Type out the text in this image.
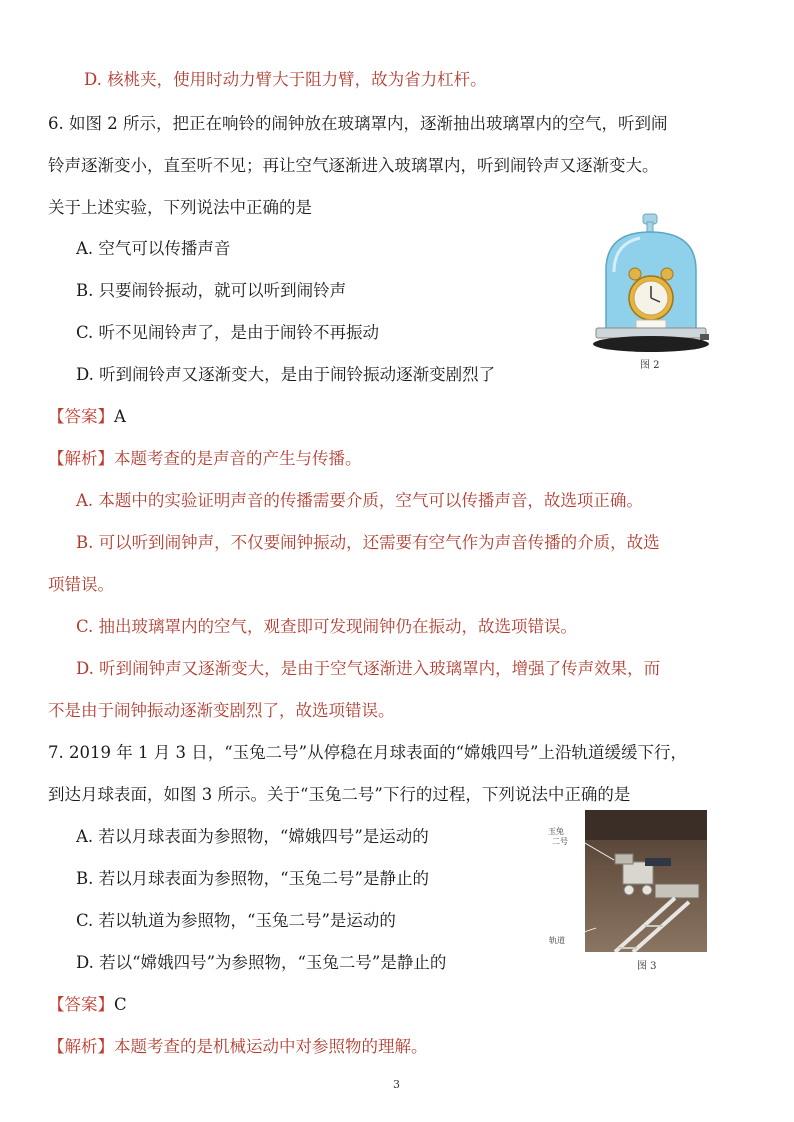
D. 核桃夹，使用时动力臂大于阻力臂，故为省力杠杆。
6. 如图 2 所示，把正在响铃的闹钟放在玻璃罩内，逐渐抽出玻璃罩内的空气，听到闹
铃声逐渐变小，直至听不见；再让空气逐渐进入玻璃罩内，听到闹铃声又逐渐变大。
关于上述实验，下列说法中正确的是
A. 空气可以传播声音
B. 只要闹铃振动，就可以听到闹铃声
C. 听不见闹铃声了，是由于闹铃不再振动
D. 听到闹铃声又逐渐变大，是由于闹铃振动逐渐变剧烈了	图 2
【答案】A
【解析】本题考查的是声音的产生与传播。
A. 本题中的实验证明声音的传播需要介质，空气可以传播声音，故选项正确。
B. 可以听到闹钟声，不仅要闹钟振动，还需要有空气作为声音传播的介质，故选
项错误。
C. 抽出玻璃罩内的空气，观查即可发现闹钟仍在振动，故选项错误。
D. 听到闹钟声又逐渐变大，是由于空气逐渐进入玻璃罩内，增强了传声效果，而
不是由于闹钟振动逐渐变剧烈了，故选项错误。
7. 2019 年 1 月 3 日，“玉兔二号”从停稳在月球表面的“嫦娥四号”上沿轨道缓缓下行，
到达月球表面，如图 3 所示。关于“玉兔二号”下行的过程，下列说法中正确的是
A. 若以月球表面为参照物，“嫦娥四号”是运动的
B. 若以月球表面为参照物，“玉兔二号”是静止的
C. 若以轨道为参照物，“玉兔二号”是运动的
D. 若以“嫦娥四号”为参照物，“玉兔二号”是静止的
玉兔
二号
轨道
图 3
【答案】C
【解析】本题考查的是机械运动中对参照物的理解。
3
